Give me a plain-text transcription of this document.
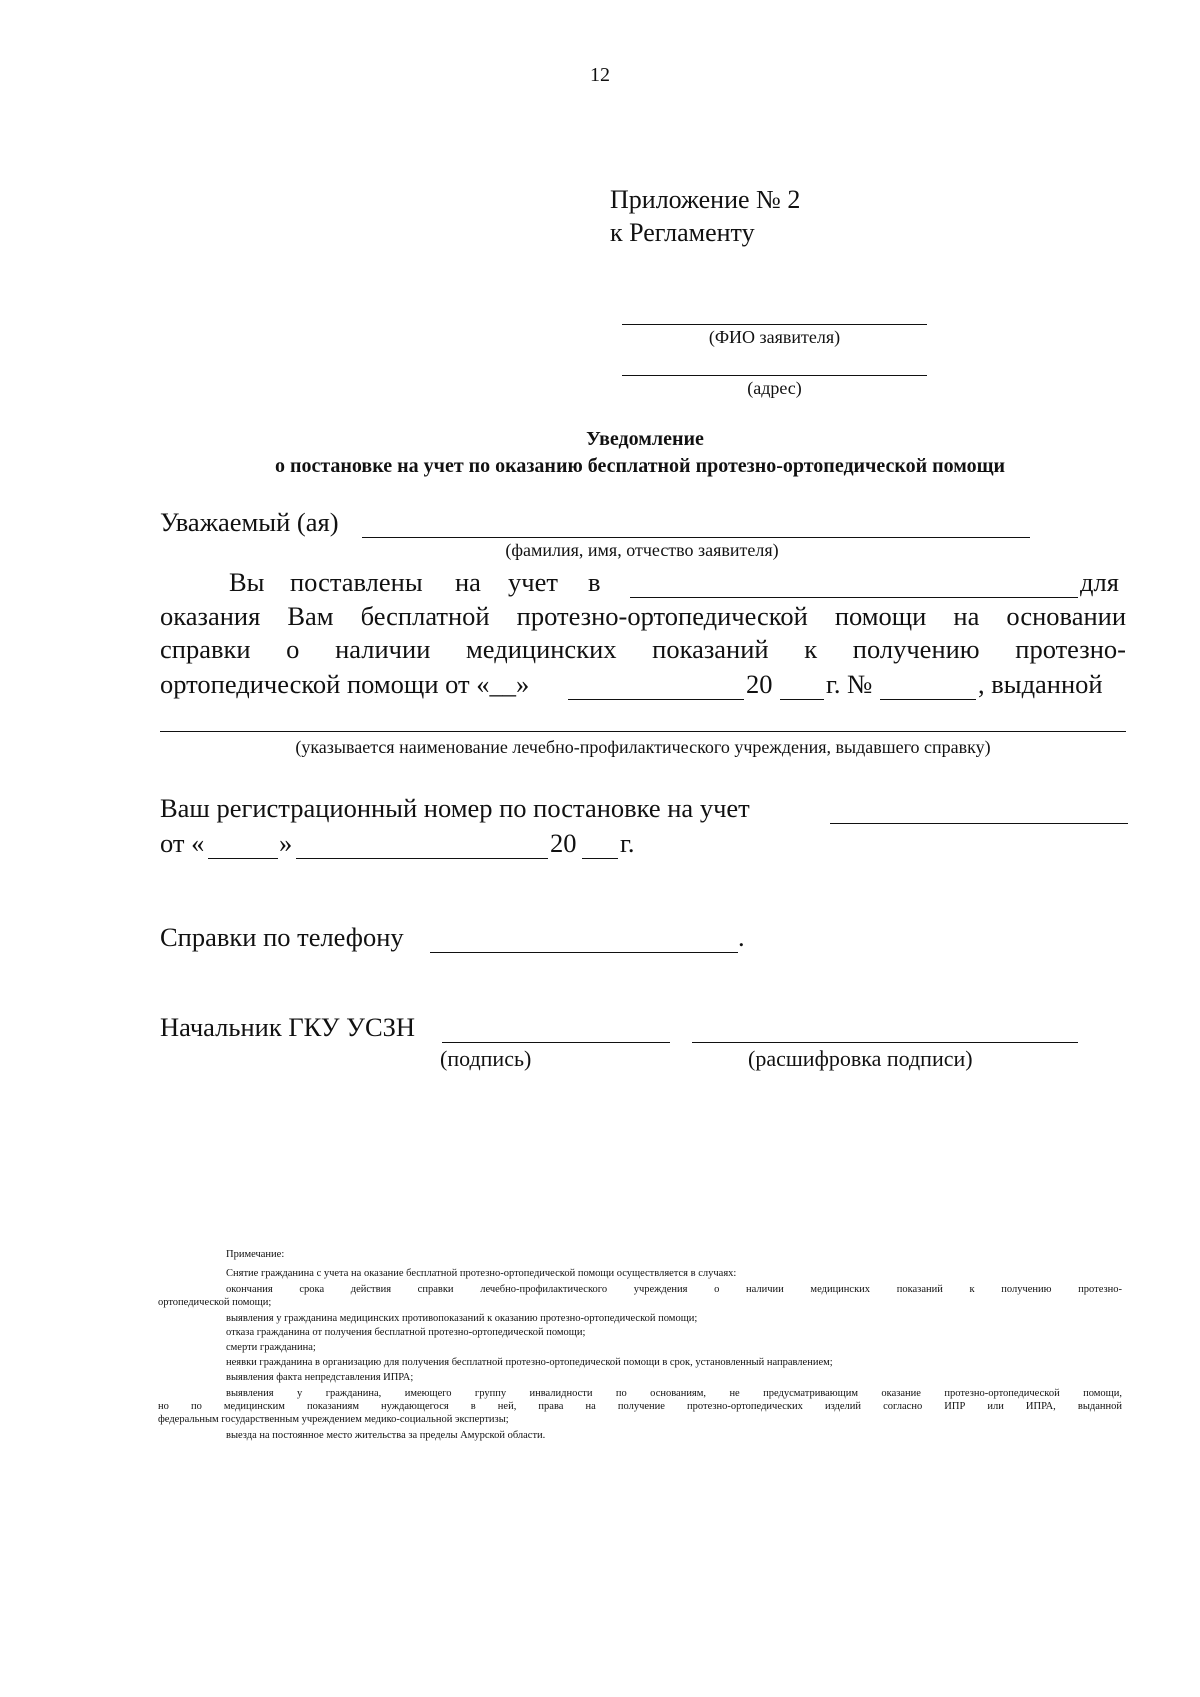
12
Приложение № 2
к Регламенту
(ФИО заявителя)
(адрес)
Уведомление
о постановке на учет по оказанию бесплатной протезно-ортопедической помощи
Уважаемый (ая)
(фамилия, имя, отчество заявителя)
Вы поставлены на учет в	для
оказания Вам бесплатной протезно-ортопедической помощи на основании
справки о наличии медицинских показаний к получению протезно-
ортопедической помощи от «__»	20 г. №	, выданной
(указывается наименование лечебно-профилактического учреждения, выдавшего справку)
Ваш регистрационный номер по постановке на учет
от «	»	20 г.
Справки по телефону	.
Начальник ГКУ УСЗН
(подпись)	(расшифровка подписи)
Примечание:
Снятие гражданина с учета на оказание бесплатной протезно-ортопедической помощи осуществляется в случаях:
окончания срока действия справки лечебно-профилактического учреждения о наличии медицинских показаний к получению протезно-
ортопедической помощи;
выявления у гражданина медицинских противопоказаний к оказанию протезно-ортопедической помощи;
отказа гражданина от получения бесплатной протезно-ортопедической помощи;
смерти гражданина;
неявки гражданина в организацию для получения бесплатной протезно-ортопедической помощи в срок, установленный направлением;
выявления факта непредставления ИПРА;
выявления у гражданина, имеющего группу инвалидности по основаниям, не предусматривающим оказание протезно-ортопедической помощи,
но по медицинским показаниям нуждающегося в ней, права на получение протезно-ортопедических изделий согласно ИПР или ИПРА, выданной
федеральным государственным учреждением медико-социальной экспертизы;
выезда на постоянное место жительства за пределы Амурской области.
